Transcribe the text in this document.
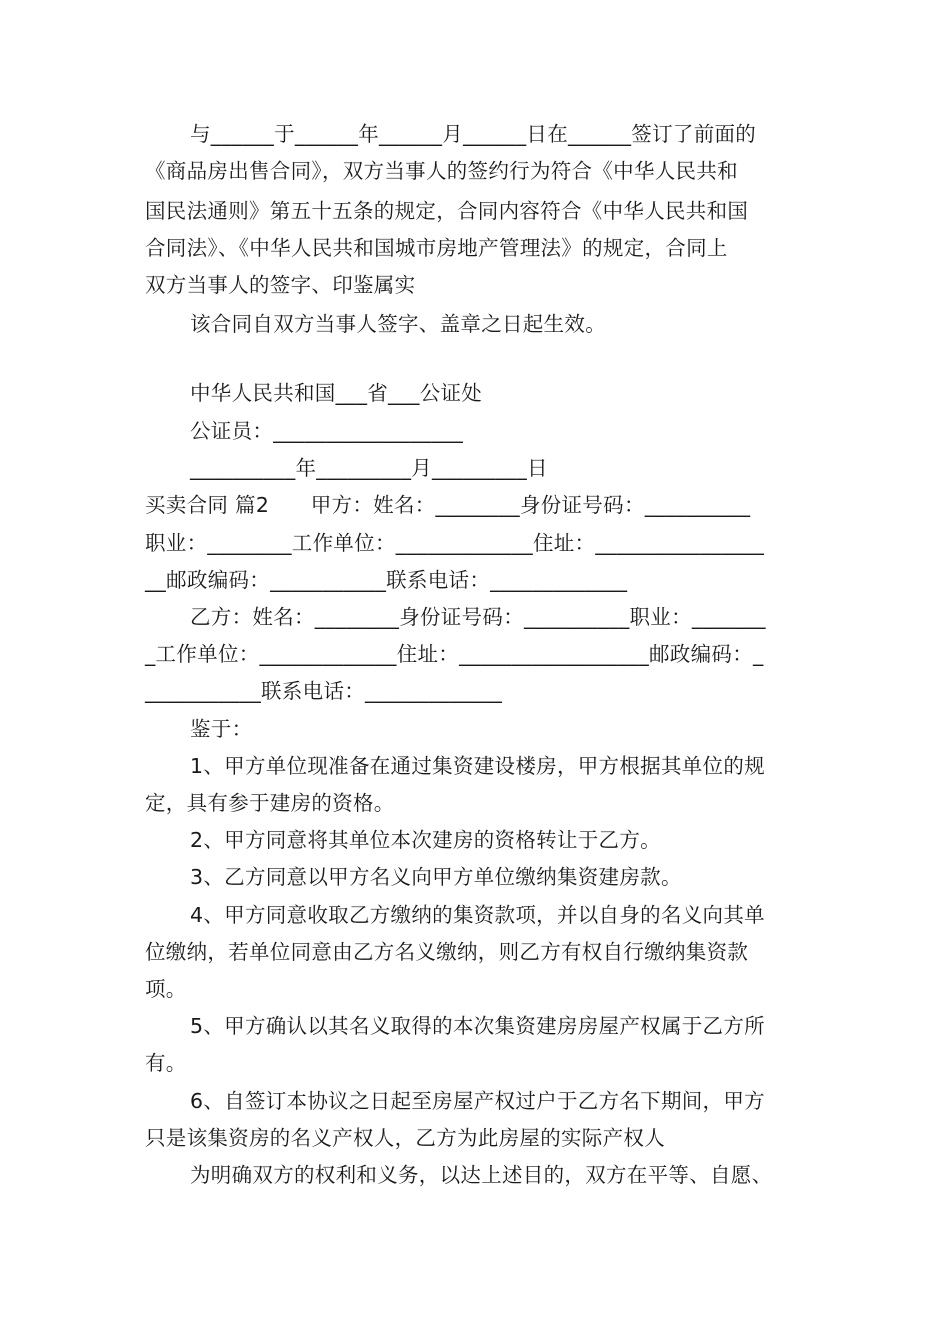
与______于______年______月______日在______签订了前面的
《商品房出售合同》，双方当事人的签约行为符合《中华人民共和
国民法通则》第五十五条的规定，合同内容符合《中华人民共和国
合同法》、《中华人民共和国城市房地产管理法》的规定，合同上
双方当事人的签字、印鉴属实
该合同自双方当事人签字、盖章之日起生效。
中华人民共和国___省___公证处
公证员：__________________
__________年_________月_________日
买卖合同 篇2　　甲方：姓名：________身份证号码：__________
职业：________工作单位：_____________住址：________________
__邮政编码：___________联系电话：_____________
乙方：姓名：________身份证号码：__________职业：_______
_工作单位：_____________住址：__________________邮政编码：_
___________联系电话：_____________
鉴于：
1、甲方单位现准备在通过集资建设楼房，甲方根据其单位的规
定，具有参于建房的资格。
2、甲方同意将其单位本次建房的资格转让于乙方。
3、乙方同意以甲方名义向甲方单位缴纳集资建房款。
4、甲方同意收取乙方缴纳的集资款项，并以自身的名义向其单
位缴纳，若单位同意由乙方名义缴纳，则乙方有权自行缴纳集资款
项。
5、甲方确认以其名义取得的本次集资建房房屋产权属于乙方所
有。
6、自签订本协议之日起至房屋产权过户于乙方名下期间，甲方
只是该集资房的名义产权人，乙方为此房屋的实际产权人
为明确双方的权利和义务，以达上述目的，双方在平等、自愿、
